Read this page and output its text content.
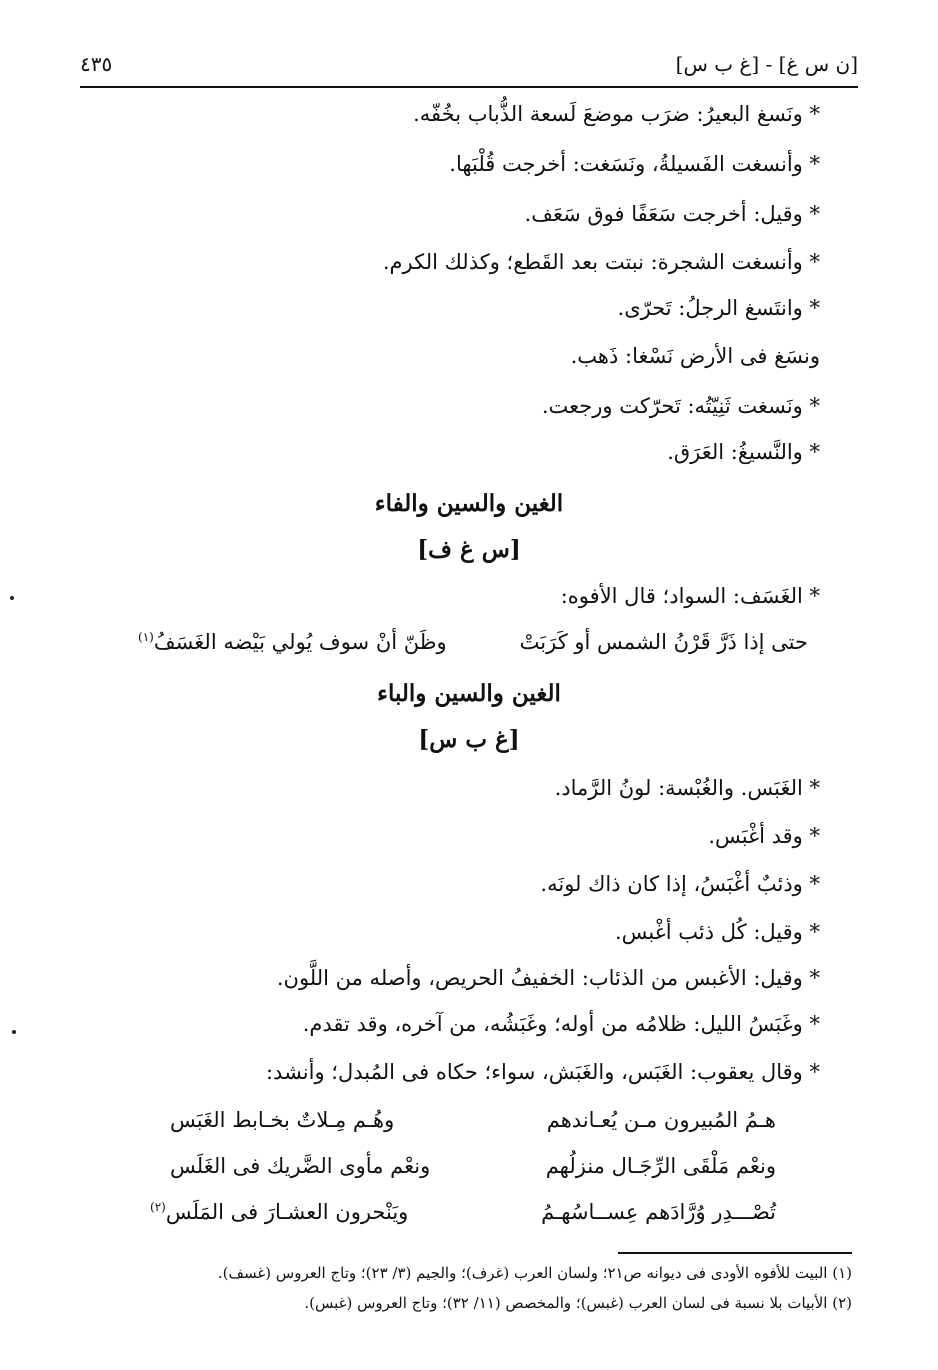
٤٣٥	[ن س غ] - [غ ب س]
* ونَسغ البعيرُ: ضرَب موضعَ لَسعة الذُّباب بخُفّه.
* وأنسغت الفَسيلةُ، ونَسَغت: أخرجت قُلْبَها.
* وقيل: أخرجت سَعَفًا فوق سَعَف.
* وأنسغت الشجرة: نبتت بعد القَطع؛ وكذلك الكرم.
* وانتَسغ الرجلُ: تَحرّى.
ونسَغ فى الأرض نَسْغا: ذَهب.
* ونَسغت ثَنِيّتُه: تَحرّكت ورجعت.
* والنَّسيغُ: العَرَق.
الغين والسين والفاء
[س غ ف]
* الغَسَف: السواد؛ قال الأفوه:
حتى إذا ذَرَّ قَرْنُ الشمس أو كَرَبَتْ
وظَنّ أنْ سوف يُولي بَيْضه الغَسَفُ$^{(١)}$
الغين والسين والباء
[غ ب س]
* الغَبَس. والغُبْسة: لونُ الرَّماد.
* وقد أغْبَس.
* وذئبٌ أغْبَسُ، إذا كان ذاك لونَه.
* وقيل: كُل ذئب أغْبس.
* وقيل: الأغبس من الذئاب: الخفيفُ الحريص، وأصله من اللَّون.
* وغَبَسُ الليل: ظلامُه من أوله؛ وغَبَشُه، من آخره، وقد تقدم.
* وقال يعقوب: الغَبَس، والغَبَش، سواء؛ حكاه فى المُبدل؛ وأنشد:
هـمُ المُبيرون مـن يُعـاندهم
وهُـم مِـلاتٌ بخـابط الغَبَس
ونعْم مَلْقَى الرِّجَـال منزلُهم
ونعْم مأوى الضَّريك فى الغَلَس
تُصْـــدِر وُرَّادَهم عِســاسُهـمُ
ويَنْحرون العشـارَ فى المَلَس$^{(٢)}$
(١) البيت للأفوه الأودى فى ديوانه ص٢١؛ ولسان العرب (غرف)؛ والجيم (٣/ ٢٣)؛ وتاج العروس (غسف).
(٢) الأبيات بلا نسبة فى لسان العرب (غبس)؛ والمخصص (١١/ ٣٢)؛ وتاج العروس (غبس).
